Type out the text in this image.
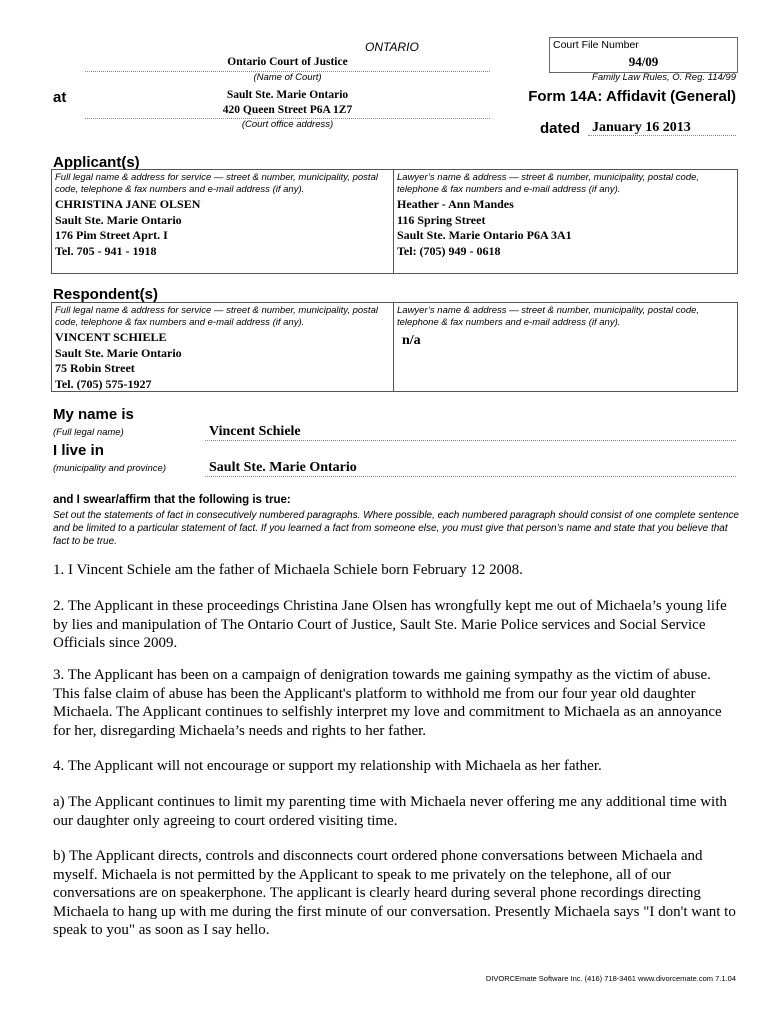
ONTARIO
Ontario Court of Justice
(Name of Court)
at	Sault Ste. Marie Ontario
420 Queen Street P6A 1Z7
(Court office address)
Court File Number
94/09
Family Law Rules, O. Reg. 114/99
Form 14A: Affidavit (General)
dated January 16 2013
Applicant(s)
Full legal name & address for service — street & number, municipality, postal code, telephone & fax numbers and e-mail address (if any).
CHRISTINA JANE OLSEN
Sault Ste. Marie Ontario
176 Pim Street Aprt. I
Tel. 705 - 941 - 1918
Lawyer’s name & address — street & number, municipality, postal code, telephone & fax numbers and e-mail address (if any).
Heather - Ann Mandes
116 Spring Street
Sault Ste. Marie Ontario P6A 3A1
Tel: (705) 949 - 0618
Respondent(s)
Full legal name & address for service — street & number, municipality, postal code, telephone & fax numbers and e-mail address (if any).
VINCENT SCHIELE
Sault Ste. Marie Ontario
75 Robin Street
Tel. (705) 575-1927
Lawyer’s name & address — street & number, municipality, postal code, telephone & fax numbers and e-mail address (if any).
n/a
My name is
(Full legal name)	Vincent Schiele
I live in
(municipality and province)	Sault Ste. Marie Ontario
and I swear/affirm that the following is true:
Set out the statements of fact in consecutively numbered paragraphs. Where possible, each numbered paragraph should consist of one complete sentence and be limited to a particular statement of fact. If you learned a fact from someone else, you must give that person’s name and state that you believe that fact to be true.
1. I Vincent Schiele am the father of Michaela Schiele born February 12 2008.
2. The Applicant in these proceedings Christina Jane Olsen has wrongfully kept me out of Michaela’s young life by lies and manipulation of The Ontario Court of Justice, Sault Ste. Marie Police services and Social Service Officials since 2009.
3. The Applicant has been on a campaign of denigration towards me gaining sympathy as the victim of abuse. This false claim of abuse has been the Applicant's platform to withhold me from our four year old daughter Michaela. The Applicant continues to selfishly interpret my love and commitment to Michaela as an annoyance for her, disregarding Michaela’s needs and rights to her father.
4. The Applicant will not encourage or support my relationship with Michaela as her father.
a) The Applicant continues to limit my parenting time with Michaela never offering me any additional time with our daughter only agreeing to court ordered visiting time.
b) The Applicant directs, controls and disconnects court ordered phone conversations between Michaela and myself. Michaela is not permitted by the Applicant to speak to me privately on the telephone, all of our conversations are on speakerphone. The applicant is clearly heard during several phone recordings directing Michaela to hang up with me during the first minute of our conversation. Presently Michaela says "I don't want to speak to you" as soon as I say hello.
DIVORCEmate Software Inc. (416) 718-3461 www.divorcemate.com 7.1.04
